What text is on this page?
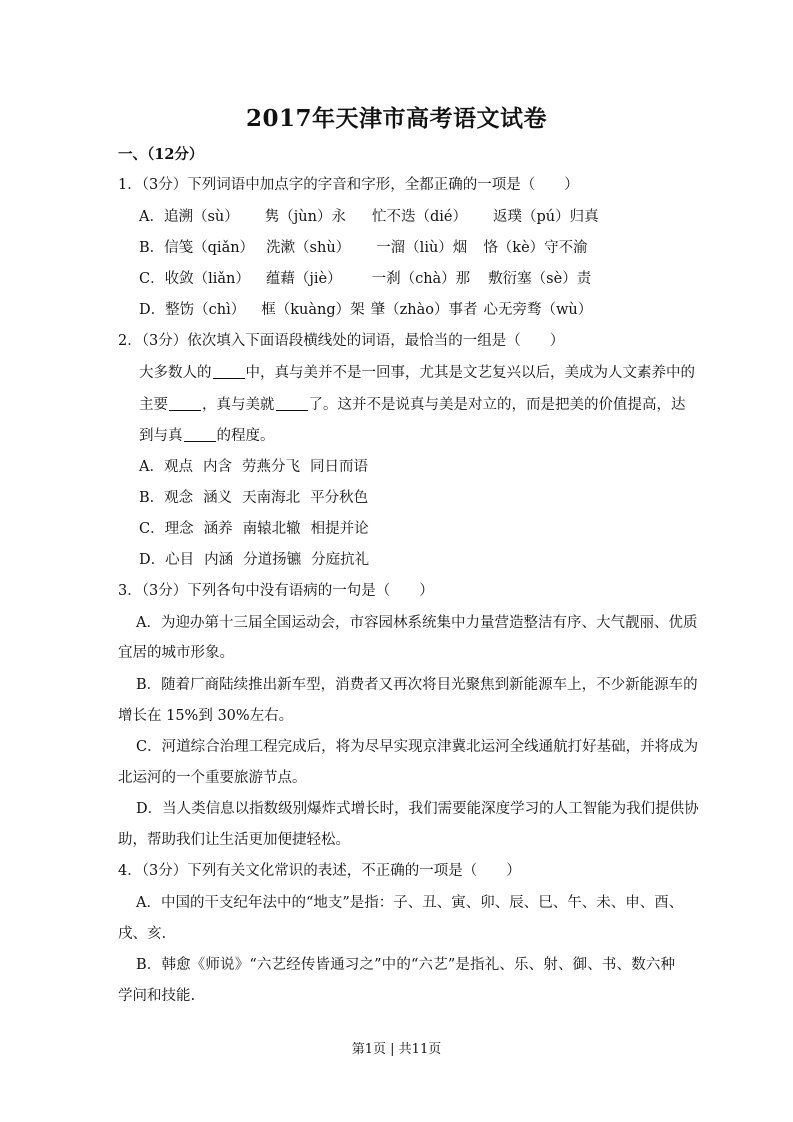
2017年天津市高考语文试卷
一、（12分）
1．（3分）下列词语中加点字的字音和字形，全都正确的一项是（　　）
A．追溯（sù） 隽（jùn）永 忙不迭（dié） 返璞（pú）归真
B．信笺（qiǎn） 洗漱（shù） 一溜（liù）烟 恪（kè）守不渝
C．收敛（liǎn） 蕴藉（jiè） 一刹（chà）那 敷衍塞（sè）责
D．整饬（chì） 框（kuàng）架 肇（zhào）事者 心无旁骛（wù）
2．（3分）依次填入下面语段横线处的词语，最恰当的一组是（　　）
大多数人的 中，真与美并不是一回事，尤其是文艺复兴以后，美成为人文素养中的
主要 ，真与美就 了。这并不是说真与美是对立的，而是把美的价值提高，达
到与真 的程度。
A．观点 内含 劳燕分飞 同日而语
B．观念 涵义 天南海北 平分秋色
C．理念 涵养 南辕北辙 相提并论
D．心目 内涵 分道扬镳 分庭抗礼
3．（3分）下列各句中没有语病的一句是（　　）
A．为迎办第十三届全国运动会，市容园林系统集中力量营造整洁有序、大气靓丽、优质
宜居的城市形象。
B．随着厂商陆续推出新车型，消费者又再次将目光聚焦到新能源车上，不少新能源车的
增长在 15%到 30%左右。
C．河道综合治理工程完成后，将为尽早实现京津冀北运河全线通航打好基础，并将成为
北运河的一个重要旅游节点。
D．当人类信息以指数级别爆炸式增长时，我们需要能深度学习的人工智能为我们提供协
助，帮助我们让生活更加便捷轻松。
4．（3分）下列有关文化常识的表述，不正确的一项是（　　）
A．中国的干支纪年法中的“地支”是指：子、丑、寅、卯、辰、巳、午、未、申、酉、
戌、亥.
B．韩愈《师说》“六艺经传皆通习之”中的“六艺”是指礼、乐、射、御、书、数六种
学问和技能.
第1页 | 共11页
